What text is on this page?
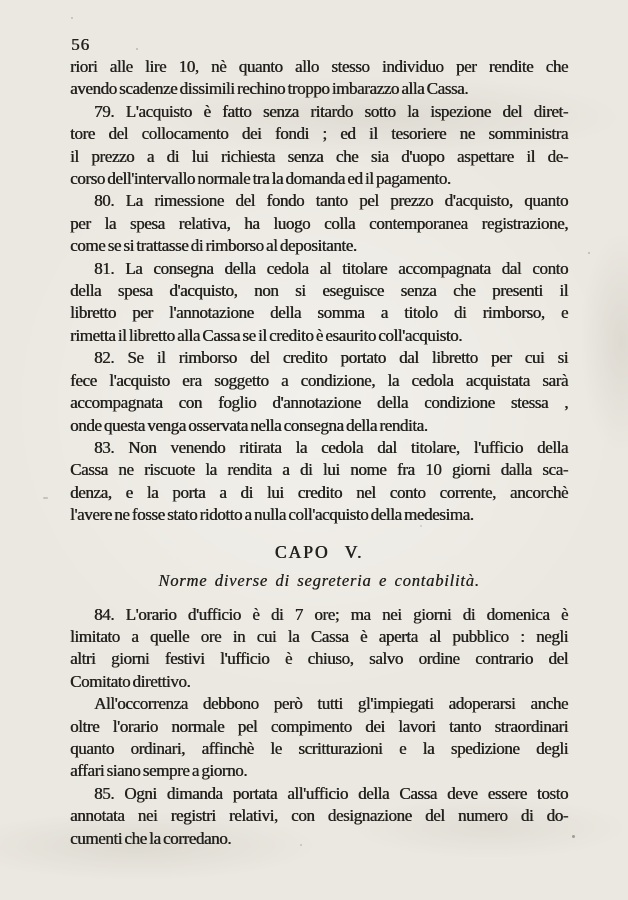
56
riori alle lire 10, nè quanto allo stesso individuo per rendite che
avendo scadenze dissimili rechino troppo imbarazzo alla Cassa.
79. L'acquisto è fatto senza ritardo sotto la ispezione del diret-
tore del collocamento dei fondi ; ed il tesoriere ne somministra
il prezzo a di lui richiesta senza che sia d'uopo aspettare il de-
corso dell'intervallo normale tra la domanda ed il pagamento.
80. La rimessione del fondo tanto pel prezzo d'acquisto, quanto
per la spesa relativa, ha luogo colla contemporanea registrazione,
come se si trattasse di rimborso al depositante.
81. La consegna della cedola al titolare accompagnata dal conto
della spesa d'acquisto, non si eseguisce senza che presenti il
libretto per l'annotazione della somma a titolo di rimborso, e
rimetta il libretto alla Cassa se il credito è esaurito coll'acquisto.
82. Se il rimborso del credito portato dal libretto per cui si
fece l'acquisto era soggetto a condizione, la cedola acquistata sarà
accompagnata con foglio d'annotazione della condizione stessa ,
onde questa venga osservata nella consegna della rendita.
83. Non venendo ritirata la cedola dal titolare, l'ufficio della
Cassa ne riscuote la rendita a di lui nome fra 10 giorni dalla sca-
denza, e la porta a di lui credito nel conto corrente, ancorchè
l'avere ne fosse stato ridotto a nulla coll'acquisto della medesima.
CAPO V.
Norme diverse di segreteria e contabilità.
84. L'orario d'ufficio è di 7 ore; ma nei giorni di domenica è
limitato a quelle ore in cui la Cassa è aperta al pubblico : negli
altri giorni festivi l'ufficio è chiuso, salvo ordine contrario del
Comitato direttivo.
All'occorrenza debbono però tutti gl'impiegati adoperarsi anche
oltre l'orario normale pel compimento dei lavori tanto straordinari
quanto ordinari, affinchè le scritturazioni e la spedizione degli
affari siano sempre a giorno.
85. Ogni dimanda portata all'ufficio della Cassa deve essere tosto
annotata nei registri relativi, con designazione del numero di do-
cumenti che la corredano.
